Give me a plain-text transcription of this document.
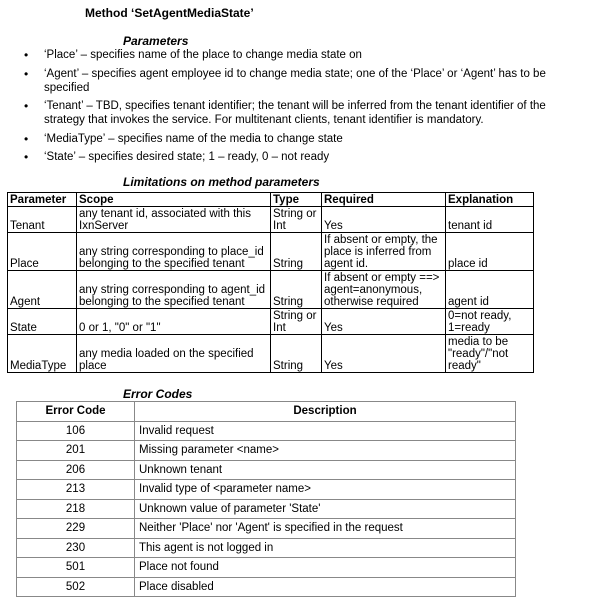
Method ‘SetAgentMediaState’
Parameters
• ‘Place’ – specifies name of the place to change media state on
• ‘Agent’ – specifies agent employee id to change media state; one of the ‘Place’ or ‘Agent’ has to be specified
• ‘Tenant’ – TBD, specifies tenant identifier; the tenant will be inferred from the tenant identifier of the strategy that invokes the service. For multitenant clients, tenant identifier is mandatory.
• ‘MediaType’ – specifies name of the media to change state
• ‘State’ – specifies desired state; 1 – ready, 0 – not ready
Limitations on method parameters
Parameter	Scope	Type	Required	Explanation
Tenant	any tenant id, associated with this IxnServer	String or Int	Yes	tenant id
Place	any string corresponding to place_id belonging to the specified tenant	String	If absent or empty, the place is inferred from agent id.	place id
Agent	any string corresponding to agent_id belonging to the specified tenant	String	If absent or empty ==> agent=anonymous, otherwise required	agent id
State	0 or 1, "0" or "1"	String or Int	Yes	0=not ready, 1=ready
MediaType	any media loaded on the specified place	String	Yes	media to be "ready"/"not ready"
Error Codes
Error Code	Description
106	Invalid request
201	Missing parameter <name>
206	Unknown tenant
213	Invalid type of <parameter name>
218	Unknown value of parameter 'State'
229	Neither 'Place' nor 'Agent' is specified in the request
230	This agent is not logged in
501	Place not found
502	Place disabled
